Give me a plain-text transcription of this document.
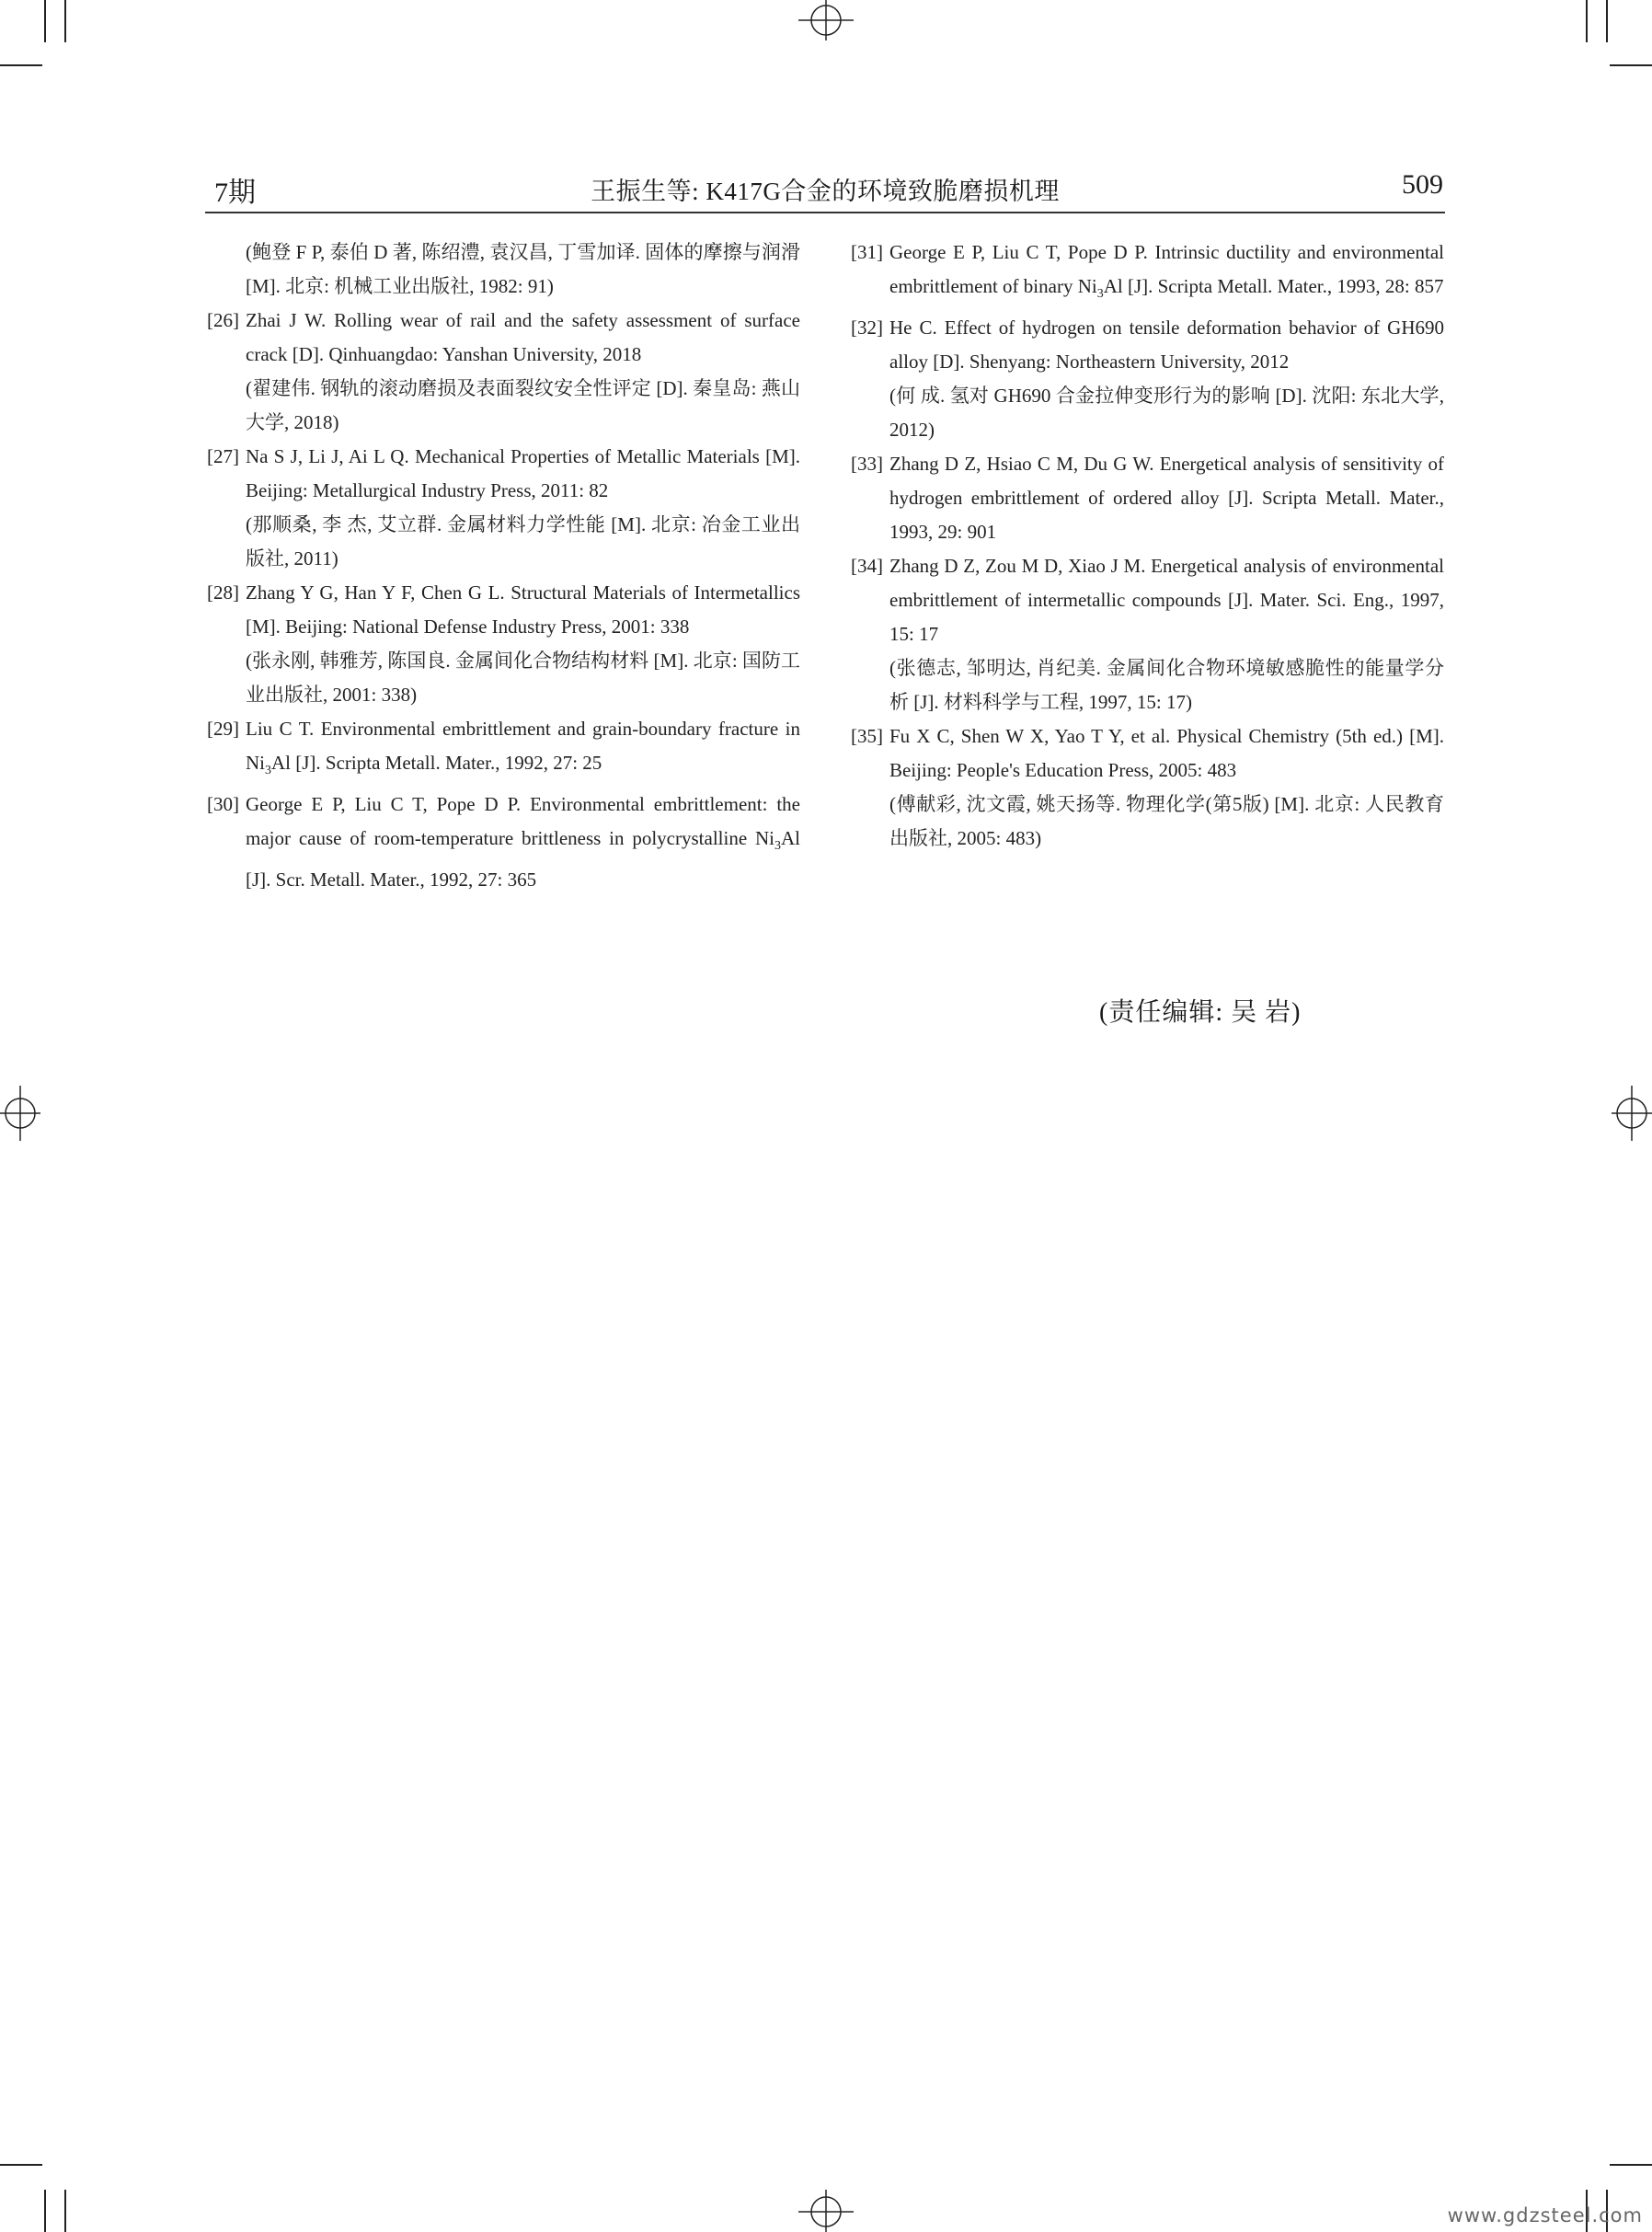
7期	王振生等: K417G合金的环境致脆磨损机理	509

(鲍登 F P, 泰伯 D 著, 陈绍澧, 袁汉昌, 丁雪加译. 固体的摩擦与润滑 [M]. 北京: 机械工业出版社, 1982: 91)

[26] Zhai J W. Rolling wear of rail and the safety assessment of surface crack [D]. Qinhuangdao: Yanshan University, 2018
(翟建伟. 钢轨的滚动磨损及表面裂纹安全性评定 [D]. 秦皇岛: 燕山大学, 2018)

[27] Na S J, Li J, Ai L Q. Mechanical Properties of Metallic Materials [M]. Beijing: Metallurgical Industry Press, 2011: 82
(那顺桑, 李 杰, 艾立群. 金属材料力学性能 [M]. 北京: 冶金工业出版社, 2011)

[28] Zhang Y G, Han Y F, Chen G L. Structural Materials of Intermetallics [M]. Beijing: National Defense Industry Press, 2001: 338
(张永刚, 韩雅芳, 陈国良. 金属间化合物结构材料 [M]. 北京: 国防工业出版社, 2001: 338)

[29] Liu C T. Environmental embrittlement and grain-boundary fracture in $Ni_3Al$ [J]. Scripta Metall. Mater., 1992, 27: 25

[30] George E P, Liu C T, Pope D P. Environmental embrittlement: the major cause of room-temperature brittleness in polycrystalline $Ni_3Al$ [J]. Scr. Metall. Mater., 1992, 27: 365

[31] George E P, Liu C T, Pope D P. Intrinsic ductility and environmental embrittlement of binary $Ni_3Al$ [J]. Scripta Metall. Mater., 1993, 28: 857

[32] He C. Effect of hydrogen on tensile deformation behavior of GH690 alloy [D]. Shenyang: Northeastern University, 2012
(何 成. 氢对 GH690 合金拉伸变形行为的影响 [D]. 沈阳: 东北大学, 2012)

[33] Zhang D Z, Hsiao C M, Du G W. Energetical analysis of sensitivity of hydrogen embrittlement of ordered alloy [J]. Scripta Metall. Mater., 1993, 29: 901

[34] Zhang D Z, Zou M D, Xiao J M. Energetical analysis of environmental embrittlement of intermetallic compounds [J]. Mater. Sci. Eng., 1997, 15: 17
(张德志, 邹明达, 肖纪美. 金属间化合物环境敏感脆性的能量学分析 [J]. 材料科学与工程, 1997, 15: 17)

[35] Fu X C, Shen W X, Yao T Y, et al. Physical Chemistry (5th ed.) [M]. Beijing: People's Education Press, 2005: 483
(傅献彩, 沈文霞, 姚天扬等. 物理化学(第5版) [M]. 北京: 人民教育出版社, 2005: 483)

(责任编辑: 吴 岩)
www.gdzsteel.com
